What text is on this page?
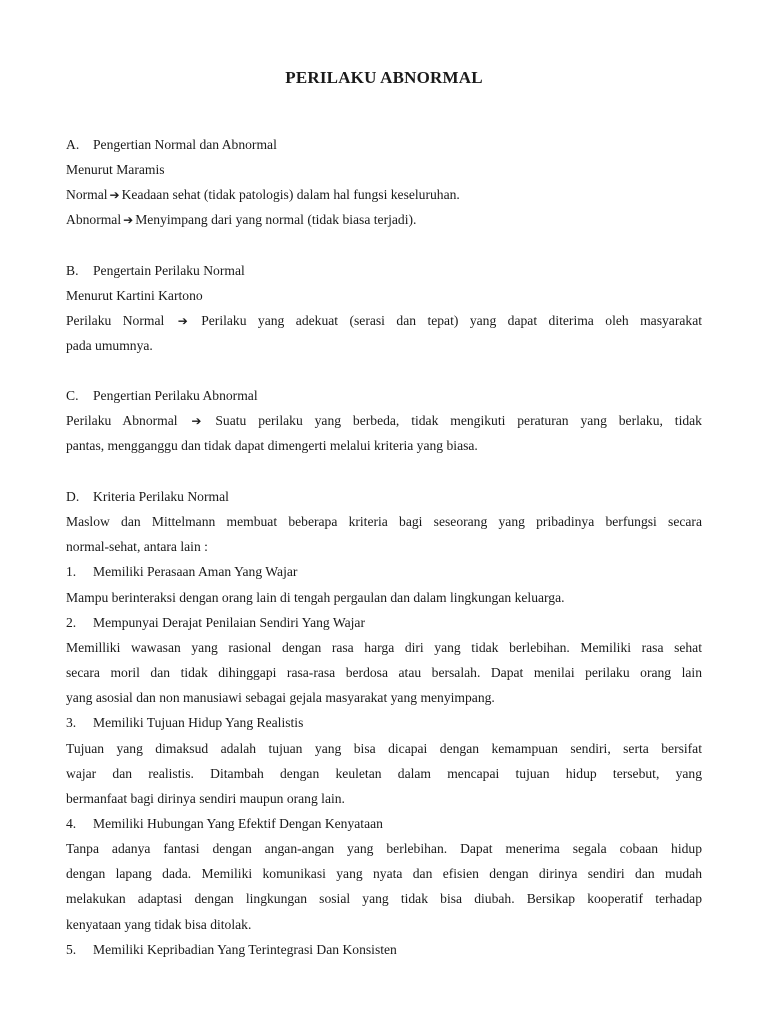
PERILAKU ABNORMAL
A. Pengertian Normal dan Abnormal
Menurut Maramis
Normal ➔ Keadaan sehat (tidak patologis) dalam hal fungsi keseluruhan.
Abnormal ➔ Menyimpang dari yang normal (tidak biasa terjadi).
B. Pengertain Perilaku Normal
Menurut Kartini Kartono
Perilaku Normal ➔ Perilaku yang adekuat (serasi dan tepat) yang dapat diterima oleh masyarakat
pada umumnya.
C. Pengertian Perilaku Abnormal
Perilaku Abnormal ➔ Suatu perilaku yang berbeda, tidak mengikuti peraturan yang berlaku, tidak
pantas, mengganggu dan tidak dapat dimengerti melalui kriteria yang biasa.
D. Kriteria Perilaku Normal
Maslow dan Mittelmann membuat beberapa kriteria bagi seseorang yang pribadinya berfungsi secara
normal-sehat, antara lain :
1. Memiliki Perasaan Aman Yang Wajar
Mampu berinteraksi dengan orang lain di tengah pergaulan dan dalam lingkungan keluarga.
2. Mempunyai Derajat Penilaian Sendiri Yang Wajar
Memilliki wawasan yang rasional dengan rasa harga diri yang tidak berlebihan. Memiliki rasa sehat
secara moril dan tidak dihinggapi rasa-rasa berdosa atau bersalah. Dapat menilai perilaku orang lain
yang asosial dan non manusiawi sebagai gejala masyarakat yang menyimpang.
3. Memiliki Tujuan Hidup Yang Realistis
Tujuan yang dimaksud adalah tujuan yang bisa dicapai dengan kemampuan sendiri, serta bersifat
wajar dan realistis. Ditambah dengan keuletan dalam mencapai tujuan hidup tersebut, yang
bermanfaat bagi dirinya sendiri maupun orang lain.
4. Memiliki Hubungan Yang Efektif Dengan Kenyataan
Tanpa adanya fantasi dengan angan-angan yang berlebihan. Dapat menerima segala cobaan hidup
dengan lapang dada. Memiliki komunikasi yang nyata dan efisien dengan dirinya sendiri dan mudah
melakukan adaptasi dengan lingkungan sosial yang tidak bisa diubah. Bersikap kooperatif terhadap
kenyataan yang tidak bisa ditolak.
5. Memiliki Kepribadian Yang Terintegrasi Dan Konsisten
